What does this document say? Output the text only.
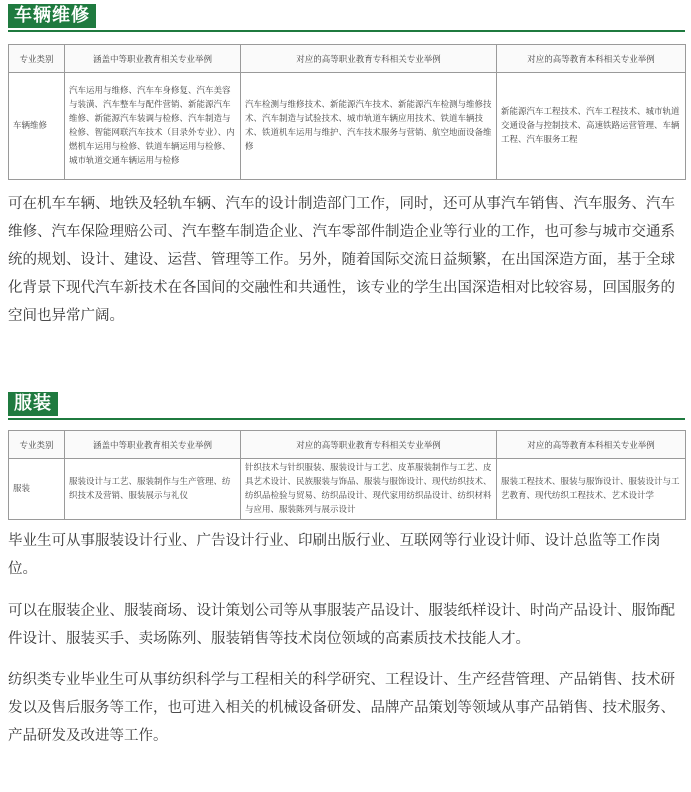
车辆维修
专业类别	涵盖中等职业教育相关专业举例	对应的高等职业教育专科相关专业举例	对应的高等教育本科相关专业举例
车辆维修	汽车运用与维修、汽车车身修复、汽车美容与装潢、汽车整车与配件营销、新能源汽车维修、新能源汽车装调与检修、汽车制造与检修、智能网联汽车技术（目录外专业）、内燃机车运用与检修、铁道车辆运用与检修、城市轨道交通车辆运用与检修	汽车检测与维修技术、新能源汽车技术、新能源汽车检测与维修技术、汽车制造与试验技术、城市轨道车辆应用技术、铁道车辆技术、铁道机车运用与维护、汽车技术服务与营销、航空地面设备维修	新能源汽车工程技术、汽车工程技术、城市轨道交通设备与控制技术、高速铁路运营管理、车辆工程、汽车服务工程
可在机车车辆、地铁及轻轨车辆、汽车的设计制造部门工作，同时，还可从事汽车销售、汽车服务、汽车维修、汽车保险理赔公司、汽车整车制造企业、汽车零部件制造企业等行业的工作，也可参与城市交通系统的规划、设计、建设、运营、管理等工作。另外，随着国际交流日益频繁，在出国深造方面，基于全球化背景下现代汽车新技术在各国间的交融性和共通性，该专业的学生出国深造相对比较容易，回国服务的空间也异常广阔。
服装
专业类别	涵盖中等职业教育相关专业举例	对应的高等职业教育专科相关专业举例	对应的高等教育本科相关专业举例
服装	服装设计与工艺、服装制作与生产管理、纺织技术及营销、服装展示与礼仪	针织技术与针织服装、服装设计与工艺、皮革服装制作与工艺、皮具艺术设计、民族服装与饰品、服装与服饰设计、现代纺织技术、纺织品检验与贸易、纺织品设计、现代家用纺织品设计、纺织材料与应用、服装陈列与展示设计	服装工程技术、服装与服饰设计、服装设计与工艺教育、现代纺织工程技术、艺术设计学
毕业生可从事服装设计行业、广告设计行业、印刷出版行业、互联网等行业设计师、设计总监等工作岗位。
可以在服装企业、服装商场、设计策划公司等从事服装产品设计、服装纸样设计、时尚产品设计、服饰配件设计、服装买手、卖场陈列、服装销售等技术岗位领域的高素质技术技能人才。
纺织类专业毕业生可从事纺织科学与工程相关的科学研究、工程设计、生产经营管理、产品销售、技术研发以及售后服务等工作，也可进入相关的机械设备研发、品牌产品策划等领域从事产品销售、技术服务、产品研发及改进等工作。
